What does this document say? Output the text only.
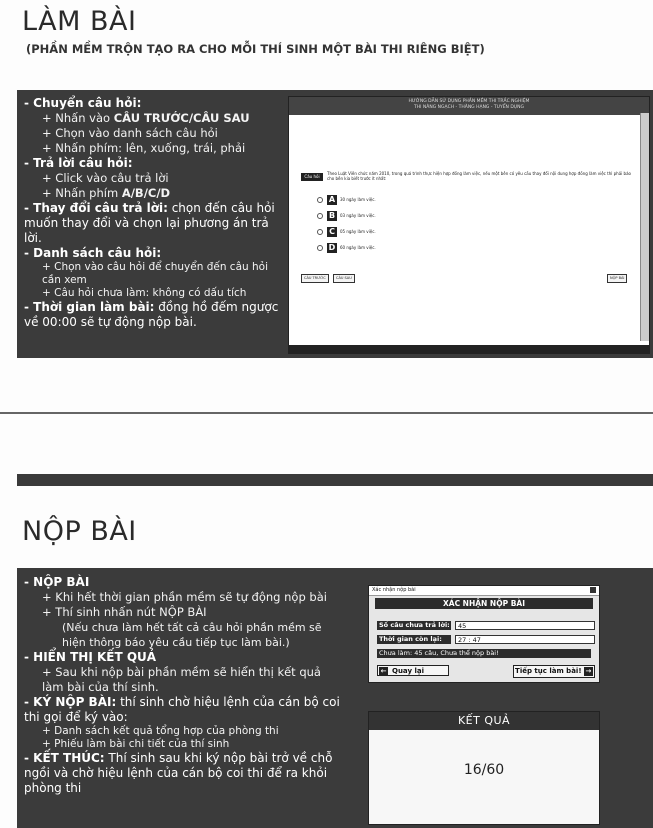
LÀM BÀI
(PHẦN MỀM TRỘN TẠO RA CHO MỖI THÍ SINH MỘT BÀI THI RIÊNG BIỆT)
- Chuyển câu hỏi:
+ Nhấn vào CÂU TRƯỚC/CÂU SAU
+ Chọn vào danh sách câu hỏi
+ Nhấn phím: lên, xuống, trái, phải
- Trả lời câu hỏi:
+ Click vào câu trả lời
+ Nhấn phím A/B/C/D
- Thay đổi câu trả lời: chọn đến câu hỏi muốn thay đổi và chọn lại phương án trả lời.
- Danh sách câu hỏi:
+ Chọn vào câu hỏi để chuyển đến câu hỏi cần xem
+ Câu hỏi chưa làm: không có dấu tích
- Thời gian làm bài: đồng hồ đếm ngược về 00:00 sẽ tự động nộp bài.
HƯỚNG DẪN SỬ DỤNG PHẦN MỀM THI TRẮC NGHIỆM
THI NÂNG NGẠCH - THĂNG HẠNG - TUYỂN DỤNG
Câu hỏi 12:
Theo Luật Viên chức năm 2010, trong quá trình thực hiện hợp đồng làm việc, nếu một bên có yêu cầu thay đổi nội dung hợp đồng làm việc thì phải báo cho bên kia biết trước ít nhất:
A 30 ngày làm việc.
B 03 ngày làm việc.
C 05 ngày làm việc.
D 60 ngày làm việc.
CÂU TRƯỚC	CÂU SAU	NỘP BÀI
NỘP BÀI
- NỘP BÀI
+ Khi hết thời gian phần mềm sẽ tự động nộp bài
+ Thí sinh nhấn nút NỘP BÀI
(Nếu chưa làm hết tất cả câu hỏi phần mềm sẽ hiện thông báo yêu cầu tiếp tục làm bài.)
- HIỂN THỊ KẾT QUẢ
+ Sau khi nộp bài phần mềm sẽ hiển thị kết quả làm bài của thí sinh.
- KÝ NỘP BÀI: thí sinh chờ hiệu lệnh của cán bộ coi thi gọi để ký vào:
+ Danh sách kết quả tổng hợp của phòng thi
+ Phiếu làm bài chi tiết của thí sinh
- KẾT THÚC: Thí sinh sau khi ký nộp bài trở về chỗ ngồi và chờ hiệu lệnh của cán bộ coi thi để ra khỏi phòng thi
Xác nhận nộp bài
XÁC NHẬN NỘP BÀI
Số câu chưa trả lời:	45
Thời gian còn lại:	27 : 47
Chưa làm: 45 câu, Chưa thể nộp bài!
← Quay lại	Tiếp tục làm bài! →
KẾT QUẢ
16/60
